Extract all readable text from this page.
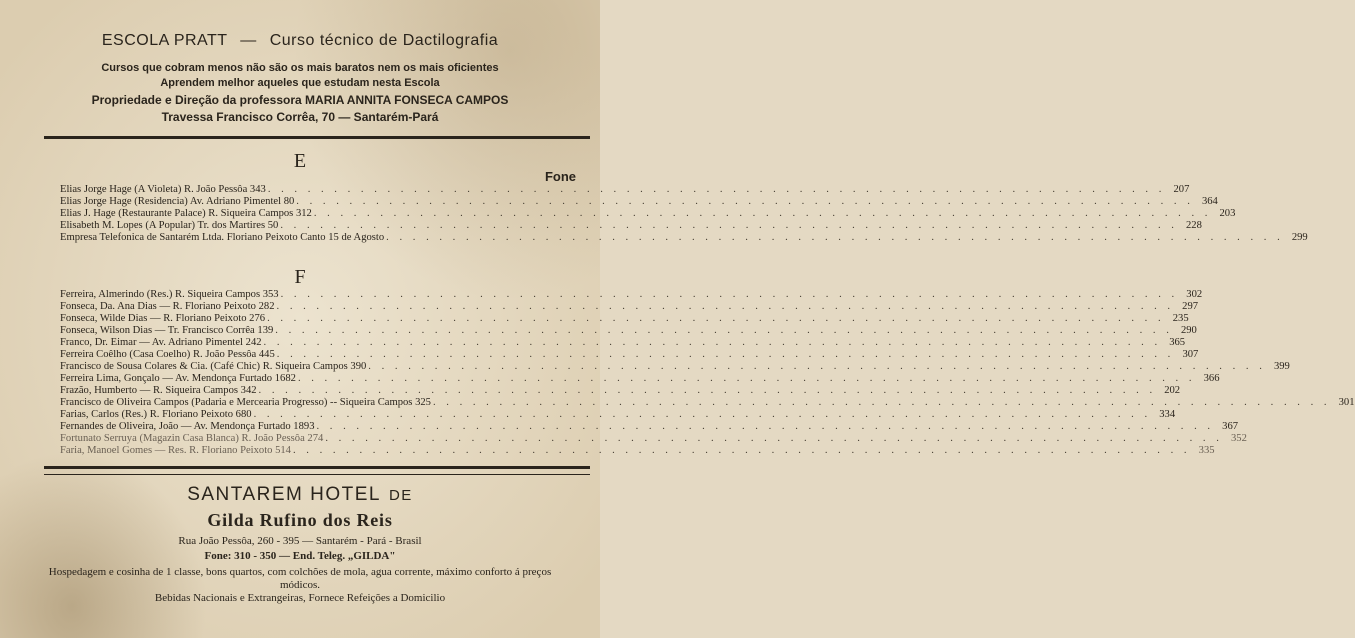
ESCOLA PRATT — Curso técnico de Dactilografia
Cursos que cobram menos não são os mais baratos nem os mais oficientes
Aprendem melhor aqueles que estudam nesta Escola
Propriedade e Direção da professora MARIA ANNITA FONSECA CAMPOS
Travessa Francisco Corrêa, 70 — Santarém-Pará
E
Fone
Elias Jorge Hage (A Violeta) R. João Pessôa 343 . . . . . . . . . . . . . . . . . . . . . . . . . . . . . . . . . . . . . . . . . . . . . . . . . . . . . . . . . . . . . . . . . . . . 207
Elias Jorge Hage (Residencia) Av. Adriano Pimentel 80 . . . . . . . . . . . . . . . . . . . . . . . . . . . . . . . . . . . . . . . . . . . . . . . . . . . . . . . . . . . . . . . . . . . . 364
Elias J. Hage (Restaurante Palace) R. Siqueira Campos 312 . . . . . . . . . . . . . . . . . . . . . . . . . . . . . . . . . . . . . . . . . . . . . . . . . . . . . . . . . . . . . . . . . . . . 203
Elisabeth M. Lopes (A Popular) Tr. dos Martires 50 . . . . . . . . . . . . . . . . . . . . . . . . . . . . . . . . . . . . . . . . . . . . . . . . . . . . . . . . . . . . . . . . . . . . 228
Empresa Telefonica de Santarém Ltda. Floriano Peixoto Canto 15 de Agosto . . . . . . . . . . . . . . . . . . . . . . . . . . . . . . . . . . . . . . . . . . . . . . . . . . . . . . . . . . . . . . . . . . . . 299
F
Ferreira, Almerindo (Res.) R. Siqueira Campos 353 . . . . . . . . . . . . . . . . . . . . . . . . . . . . . . . . . . . . . . . . . . . . . . . . . . . . . . . . . . . . . . . . . . . . 302
Fonseca, Da. Ana Dias — R. Floriano Peixoto 282 . . . . . . . . . . . . . . . . . . . . . . . . . . . . . . . . . . . . . . . . . . . . . . . . . . . . . . . . . . . . . . . . . . . . 297
Fonseca, Wilde Dias — R. Floriano Peixoto 276 . . . . . . . . . . . . . . . . . . . . . . . . . . . . . . . . . . . . . . . . . . . . . . . . . . . . . . . . . . . . . . . . . . . . 235
Fonseca, Wilson Dias — Tr. Francisco Corrêa 139 . . . . . . . . . . . . . . . . . . . . . . . . . . . . . . . . . . . . . . . . . . . . . . . . . . . . . . . . . . . . . . . . . . . . 290
Franco, Dr. Eimar — Av. Adriano Pimentel 242 . . . . . . . . . . . . . . . . . . . . . . . . . . . . . . . . . . . . . . . . . . . . . . . . . . . . . . . . . . . . . . . . . . . . 365
Ferreira Coêlho (Casa Coelho) R. João Pessôa 445 . . . . . . . . . . . . . . . . . . . . . . . . . . . . . . . . . . . . . . . . . . . . . . . . . . . . . . . . . . . . . . . . . . . . 307
Francisco de Sousa Colares & Cia. (Café Chic) R. Siqueira Campos 390 . . . . . . . . . . . . . . . . . . . . . . . . . . . . . . . . . . . . . . . . . . . . . . . . . . . . . . . . . . . . . . . . . . . . 399
Ferreira Lima, Gonçalo — Av. Mendonça Furtado 1682 . . . . . . . . . . . . . . . . . . . . . . . . . . . . . . . . . . . . . . . . . . . . . . . . . . . . . . . . . . . . . . . . . . . . 366
Frazão, Humberto — R. Siqueira Campos 342 . . . . . . . . . . . . . . . . . . . . . . . . . . . . . . . . . . . . . . . . . . . . . . . . . . . . . . . . . . . . . . . . . . . . 202
Francisco de Oliveira Campos (Padaria e Mercearia Progresso) -- Siqueira Campos 325 . . . . . . . . . . . . . . . . . . . . . . . . . . . . . . . . . . . . . . . . . . . . . . . . . . . . . . . . . . . . . . . . . . . . 301
Farias, Carlos (Res.) R. Floriano Peixoto 680 . . . . . . . . . . . . . . . . . . . . . . . . . . . . . . . . . . . . . . . . . . . . . . . . . . . . . . . . . . . . . . . . . . . . 334
Fernandes de Oliveira, João — Av. Mendonça Furtado 1893 . . . . . . . . . . . . . . . . . . . . . . . . . . . . . . . . . . . . . . . . . . . . . . . . . . . . . . . . . . . . . . . . . . . . 367
Fortunato Serruya (Magazin Casa Blanca) R. João Pessôa 274 . . . . . . . . . . . . . . . . . . . . . . . . . . . . . . . . . . . . . . . . . . . . . . . . . . . . . . . . . . . . . . . . . . . . 352
Faria, Manoel Gomes — Res. R. Floriano Peixoto 514 . . . . . . . . . . . . . . . . . . . . . . . . . . . . . . . . . . . . . . . . . . . . . . . . . . . . . . . . . . . . . . . . . . . . 335
SANTAREM HOTEL DE
Gilda Rufino dos Reis
Rua João Pessôa, 260 - 395 — Santarém - Pará - Brasil
Fone: 310 - 350 — End. Teleg. „GILDA"
Hospedagem e cosinha de 1 classe, bons quartos, com colchões de mola, agua corrente, máximo conforto á preços módicos.
Bebidas Nacionais e Extrangeiras, Fornece Refeições a Domicilio
